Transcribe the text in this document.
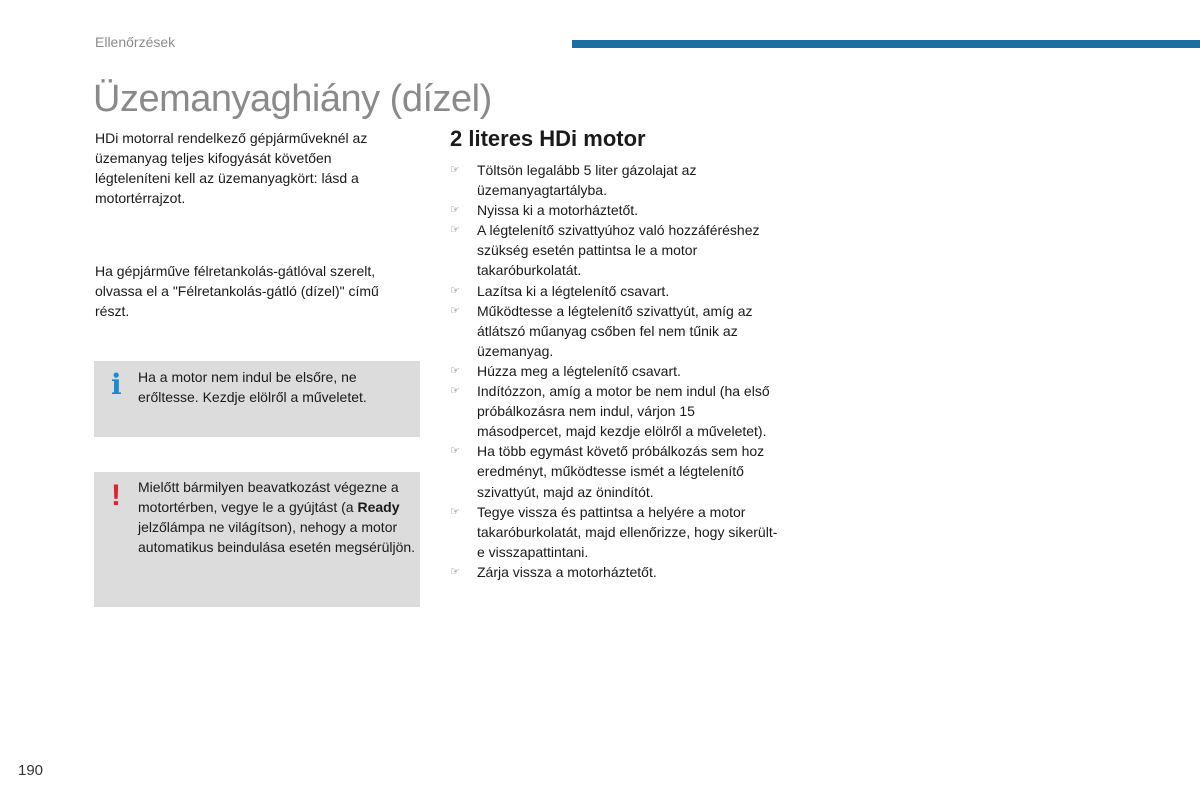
Ellenőrzések
Üzemanyaghiány (dízel)

HDi motorral rendelkező gépjárműveknél az üzemanyag teljes kifogyását követően légteleníteni kell az üzemanyagkört: lásd a motortérrajzot.

Ha gépjárműve félretankolás-gátlóval szerelt, olvassa el a "Félretankolás-gátló (dízel)" című részt.

i Ha a motor nem indul be elsőre, ne erőltesse. Kezdje elölről a műveletet.
! Mielőtt bármilyen beavatkozást végezne a motortérben, vegye le a gyújtást (a Ready jelzőlámpa ne világítson), nehogy a motor automatikus beindulása esetén megsérüljön.
2 literes HDi motor
☞ Töltsön legalább 5 liter gázolajat az üzemanyagtartályba.
☞ Nyissa ki a motorháztetőt.
☞ A légtelenítő szivattyúhoz való hozzáféréshez szükség esetén pattintsa le a motor takaróburkolatát.
☞ Lazítsa ki a légtelenítő csavart.
☞ Működtesse a légtelenítő szivattyút, amíg az átlátszó műanyag csőben fel nem tűnik az üzemanyag.
☞ Húzza meg a légtelenítő csavart.
☞ Indítózzon, amíg a motor be nem indul (ha első próbálkozásra nem indul, várjon 15 másodpercet, majd kezdje elölről a műveletet).
☞ Ha több egymást követő próbálkozás sem hoz eredményt, működtesse ismét a légtelenítő szivattyút, majd az önindítót.
☞ Tegye vissza és pattintsa a helyére a motor takaróburkolatát, majd ellenőrizze, hogy sikerült-e visszapattintani.
☞ Zárja vissza a motorháztetőt.
190
